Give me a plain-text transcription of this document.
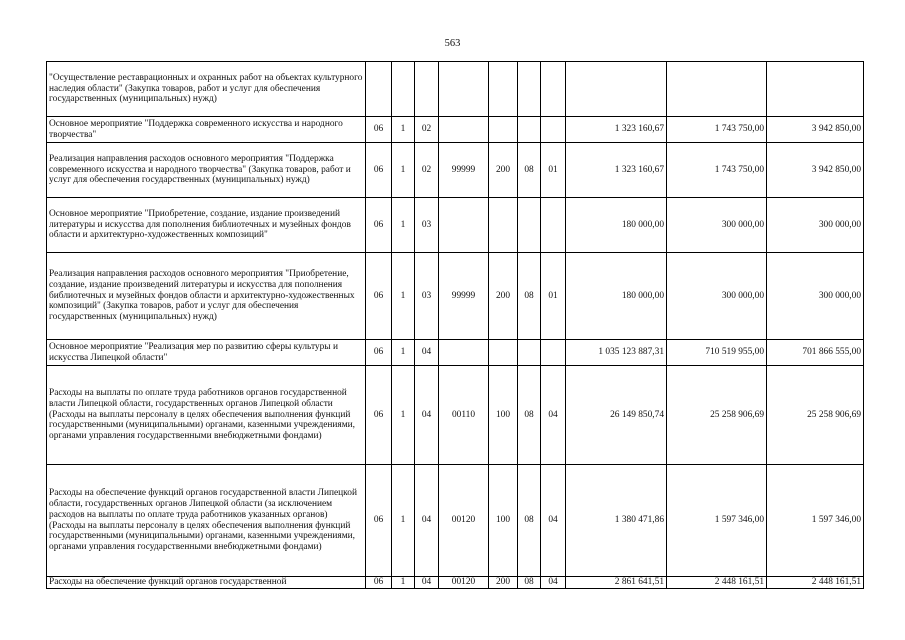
563
"Осуществление реставрационных и охранных работ на объектах культурного наследия области" (Закупка товаров, работ и услуг для обеспечения государственных (муниципальных) нужд)										
Основное мероприятие "Поддержка современного искусства и народного творчества"	06	1	02					1 323 160,67	1 743 750,00	3 942 850,00
Реализация направления расходов основного мероприятия "Поддержка современного искусства и народного творчества" (Закупка товаров, работ и услуг для обеспечения государственных (муниципальных) нужд)	06	1	02	99999	200	08	01	1 323 160,67	1 743 750,00	3 942 850,00
Основное мероприятие "Приобретение, создание, издание произведений литературы и искусства для пополнения библиотечных и музейных фондов области и архитектурно-художественных композиций"	06	1	03					180 000,00	300 000,00	300 000,00
Реализация направления расходов основного мероприятия "Приобретение, создание, издание произведений литературы и искусства для пополнения библиотечных и музейных фондов области и архитектурно-художественных композиций" (Закупка товаров, работ и услуг для обеспечения государственных (муниципальных) нужд)	06	1	03	99999	200	08	01	180 000,00	300 000,00	300 000,00
Основное мероприятие "Реализация мер по развитию сферы культуры и искусства Липецкой области"	06	1	04					1 035 123 887,31	710 519 955,00	701 866 555,00
Расходы на выплаты по оплате труда работников органов государственной власти Липецкой области, государственных органов Липецкой области (Расходы на выплаты персоналу в целях обеспечения выполнения функций государственными (муниципальными) органами, казенными учреждениями, органами управления государственными внебюджетными фондами)	06	1	04	00110	100	08	04	26 149 850,74	25 258 906,69	25 258 906,69
Расходы на обеспечение функций органов государственной власти Липецкой области, государственных органов Липецкой области (за исключением расходов на выплаты по оплате труда работников указанных органов) (Расходы на выплаты персоналу в целях обеспечения выполнения функций государственными (муниципальными) органами, казенными учреждениями, органами управления государственными внебюджетными фондами)	06	1	04	00120	100	08	04	1 380 471,86	1 597 346,00	1 597 346,00
Расходы на обеспечение функций органов государственной	06	1	04	00120	200	08	04	2 861 641,51	2 448 161,51	2 448 161,51
